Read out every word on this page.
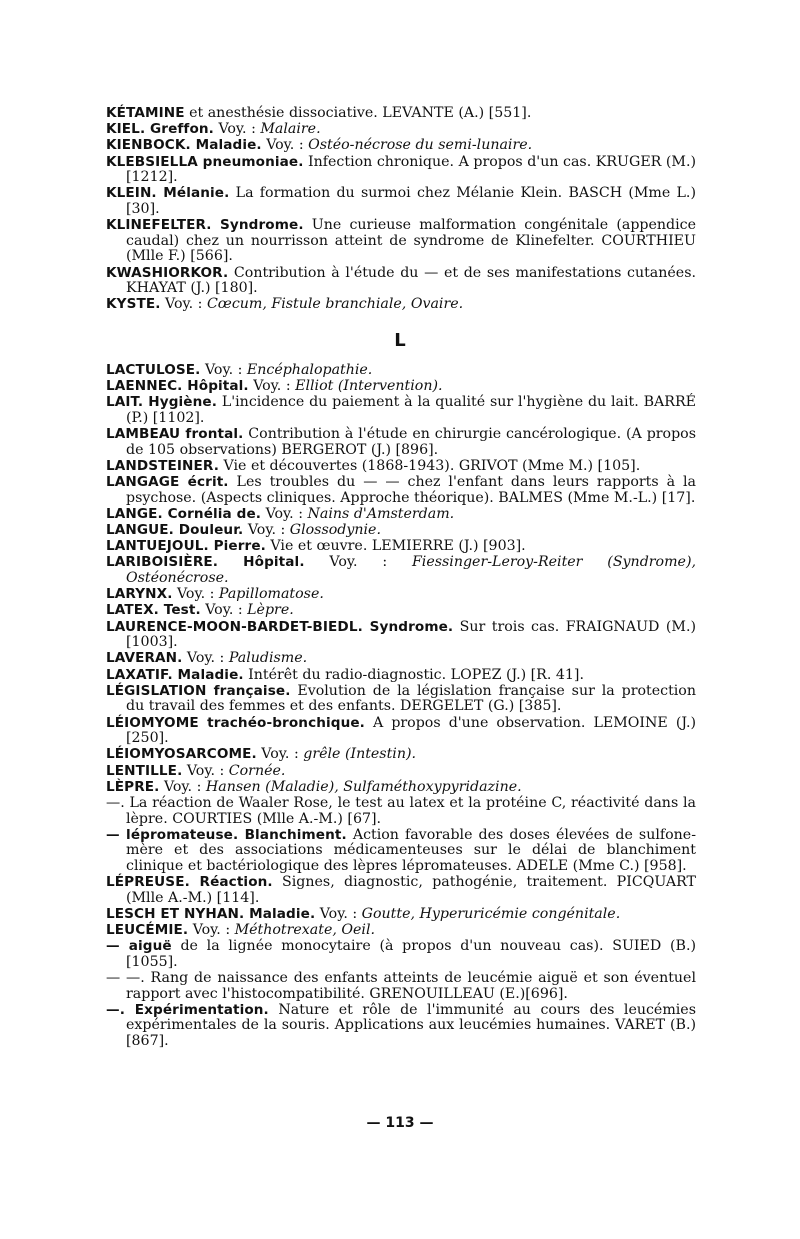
KÉTAMINE et anesthésie dissociative. LEVANTE (A.) [551].

KIEL. Greffon. Voy. : Malaire.

KIENBOCK. Maladie. Voy. : Ostéo-nécrose du semi-lunaire.

KLEBSIELLA pneumoniae. Infection chronique. A propos d'un cas. KRUGER (M.) [1212].

KLEIN. Mélanie. La formation du surmoi chez Mélanie Klein. BASCH (Mme L.) [30].

KLINEFELTER. Syndrome. Une curieuse malformation congénitale (appendice caudal) chez un nourrisson atteint de syndrome de Klinefelter. COURTHIEU (Mlle F.) [566].

KWASHIORKOR. Contribution à l'étude du — et de ses manifestations cutanées. KHAYAT (J.) [180].

KYSTE. Voy. : Cœcum, Fistule branchiale, Ovaire.

L

LACTULOSE. Voy. : Encéphalopathie.

LAENNEC. Hôpital. Voy. : Elliot (Intervention).

LAIT. Hygiène. L'incidence du paiement à la qualité sur l'hygiène du lait. BARRÉ (P.) [1102].

LAMBEAU frontal. Contribution à l'étude en chirurgie cancérologique. (A propos de 105 observations) BERGEROT (J.) [896].

LANDSTEINER. Vie et découvertes (1868-1943). GRIVOT (Mme M.) [105].

LANGAGE écrit. Les troubles du — — chez l'enfant dans leurs rapports à la psychose. (Aspects cliniques. Approche théorique). BALMES (Mme M.-L.) [17].

LANGE. Cornélia de. Voy. : Nains d'Amsterdam.

LANGUE. Douleur. Voy. : Glossodynie.

LANTUEJOUL. Pierre. Vie et œuvre. LEMIERRE (J.) [903].

LARIBOISIÈRE. Hôpital. Voy. : Fiessinger-Leroy-Reiter (Syndrome), Ostéonécrose.

LARYNX. Voy. : Papillomatose.

LATEX. Test. Voy. : Lèpre.

LAURENCE-MOON-BARDET-BIEDL. Syndrome. Sur trois cas. FRAIGNAUD (M.) [1003].

LAVERAN. Voy. : Paludisme.

LAXATIF. Maladie. Intérêt du radio-diagnostic. LOPEZ (J.) [R. 41].

LÉGISLATION française. Evolution de la législation française sur la protection du travail des femmes et des enfants. DERGELET (G.) [385].

LÉIOMYOME trachéo-bronchique. A propos d'une observation. LEMOINE (J.) [250].

LÉIOMYOSARCOME. Voy. : grêle (Intestin).

LENTILLE. Voy. : Cornée.

LÈPRE. Voy. : Hansen (Maladie), Sulfaméthoxypyridazine.

—. La réaction de Waaler Rose, le test au latex et la protéine C, réactivité dans la lèpre. COURTIES (Mlle A.-M.) [67].

— lépromateuse. Blanchiment. Action favorable des doses élevées de sulfone-mère et des associations médicamenteuses sur le délai de blanchiment clinique et bactériologique des lèpres lépromateuses. ADELE (Mme C.) [958].

LÉPREUSE. Réaction. Signes, diagnostic, pathogénie, traitement. PICQUART (Mlle A.-M.) [114].

LESCH ET NYHAN. Maladie. Voy. : Goutte, Hyperuricémie congénitale.

LEUCÉMIE. Voy. : Méthotrexate, Oeil.

— aiguë de la lignée monocytaire (à propos d'un nouveau cas). SUIED (B.) [1055].

— —. Rang de naissance des enfants atteints de leucémie aiguë et son éventuel rapport avec l'histocompatibilité. GRENOUILLEAU (E.)[696].

—. Expérimentation. Nature et rôle de l'immunité au cours des leucémies expérimentales de la souris. Applications aux leucémies humaines. VARET (B.) [867].

— 113 —
